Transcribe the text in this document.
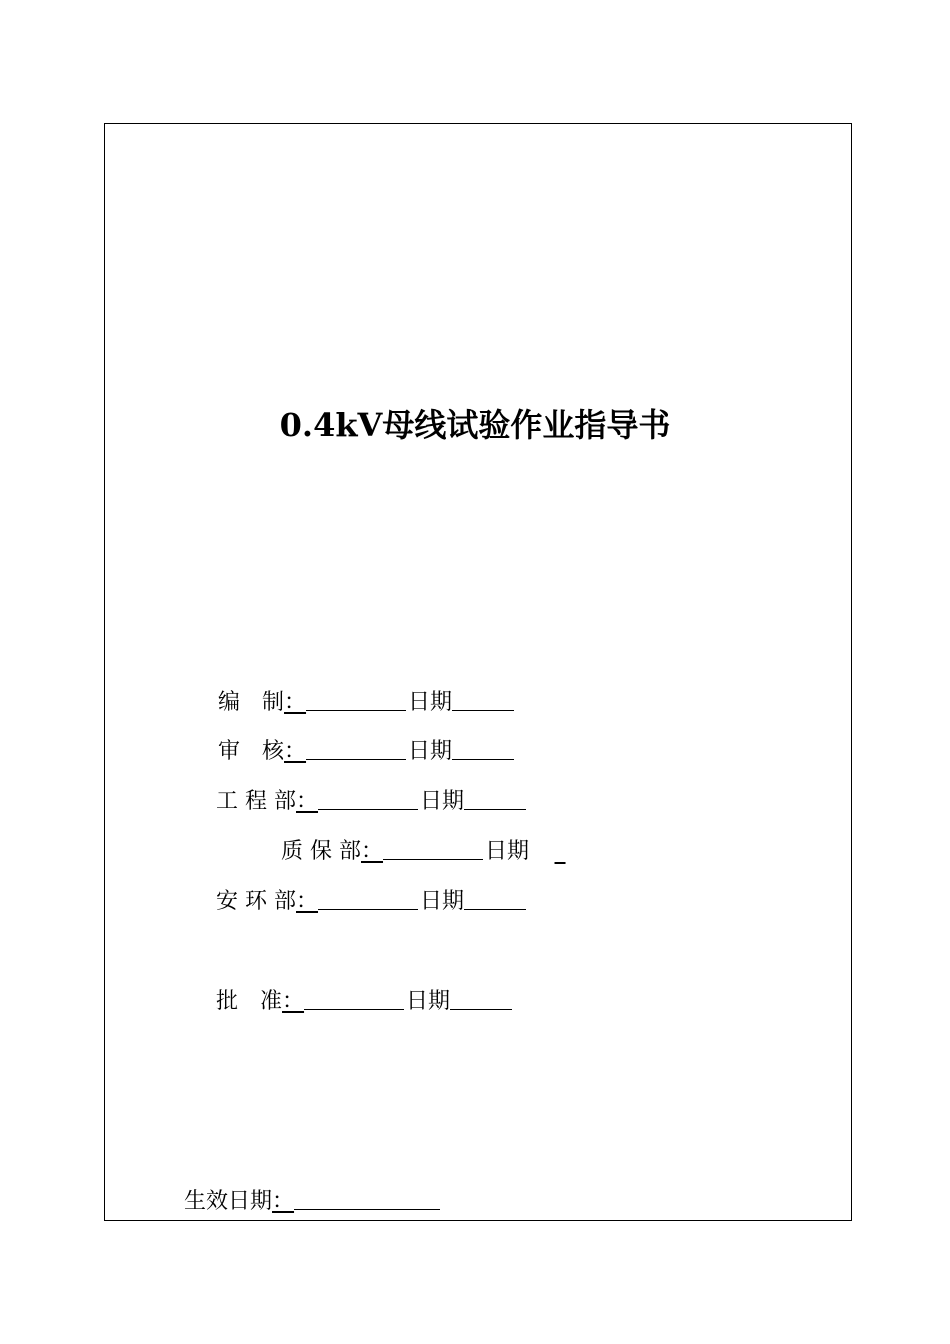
0.4kV母线试验作业指导书
编　制 ：	日期
审　核 ：	日期
工 程 部 ：	日期
质 保 部 ：	日期	_
安 环 部 ：	日期
批　准 ：	日期
生效日期 ：
